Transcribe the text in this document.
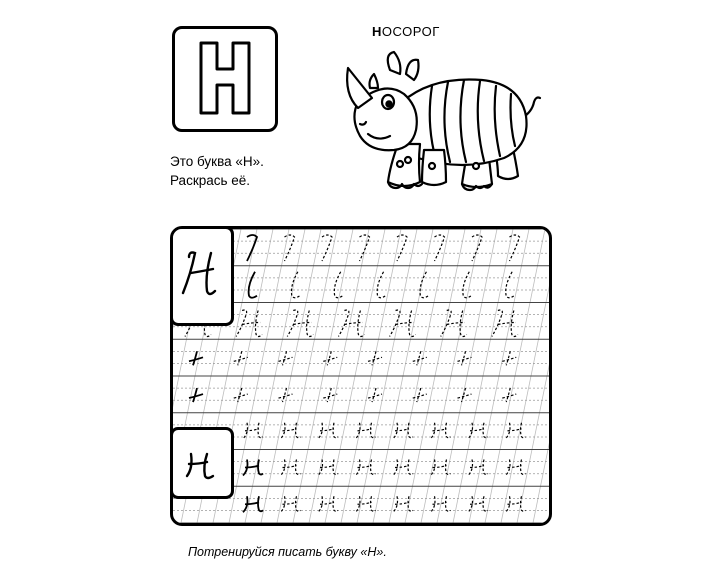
Это буква «Н».
Раскрась её.
НОСОРОГ
Потренируйся писать букву «Н».
